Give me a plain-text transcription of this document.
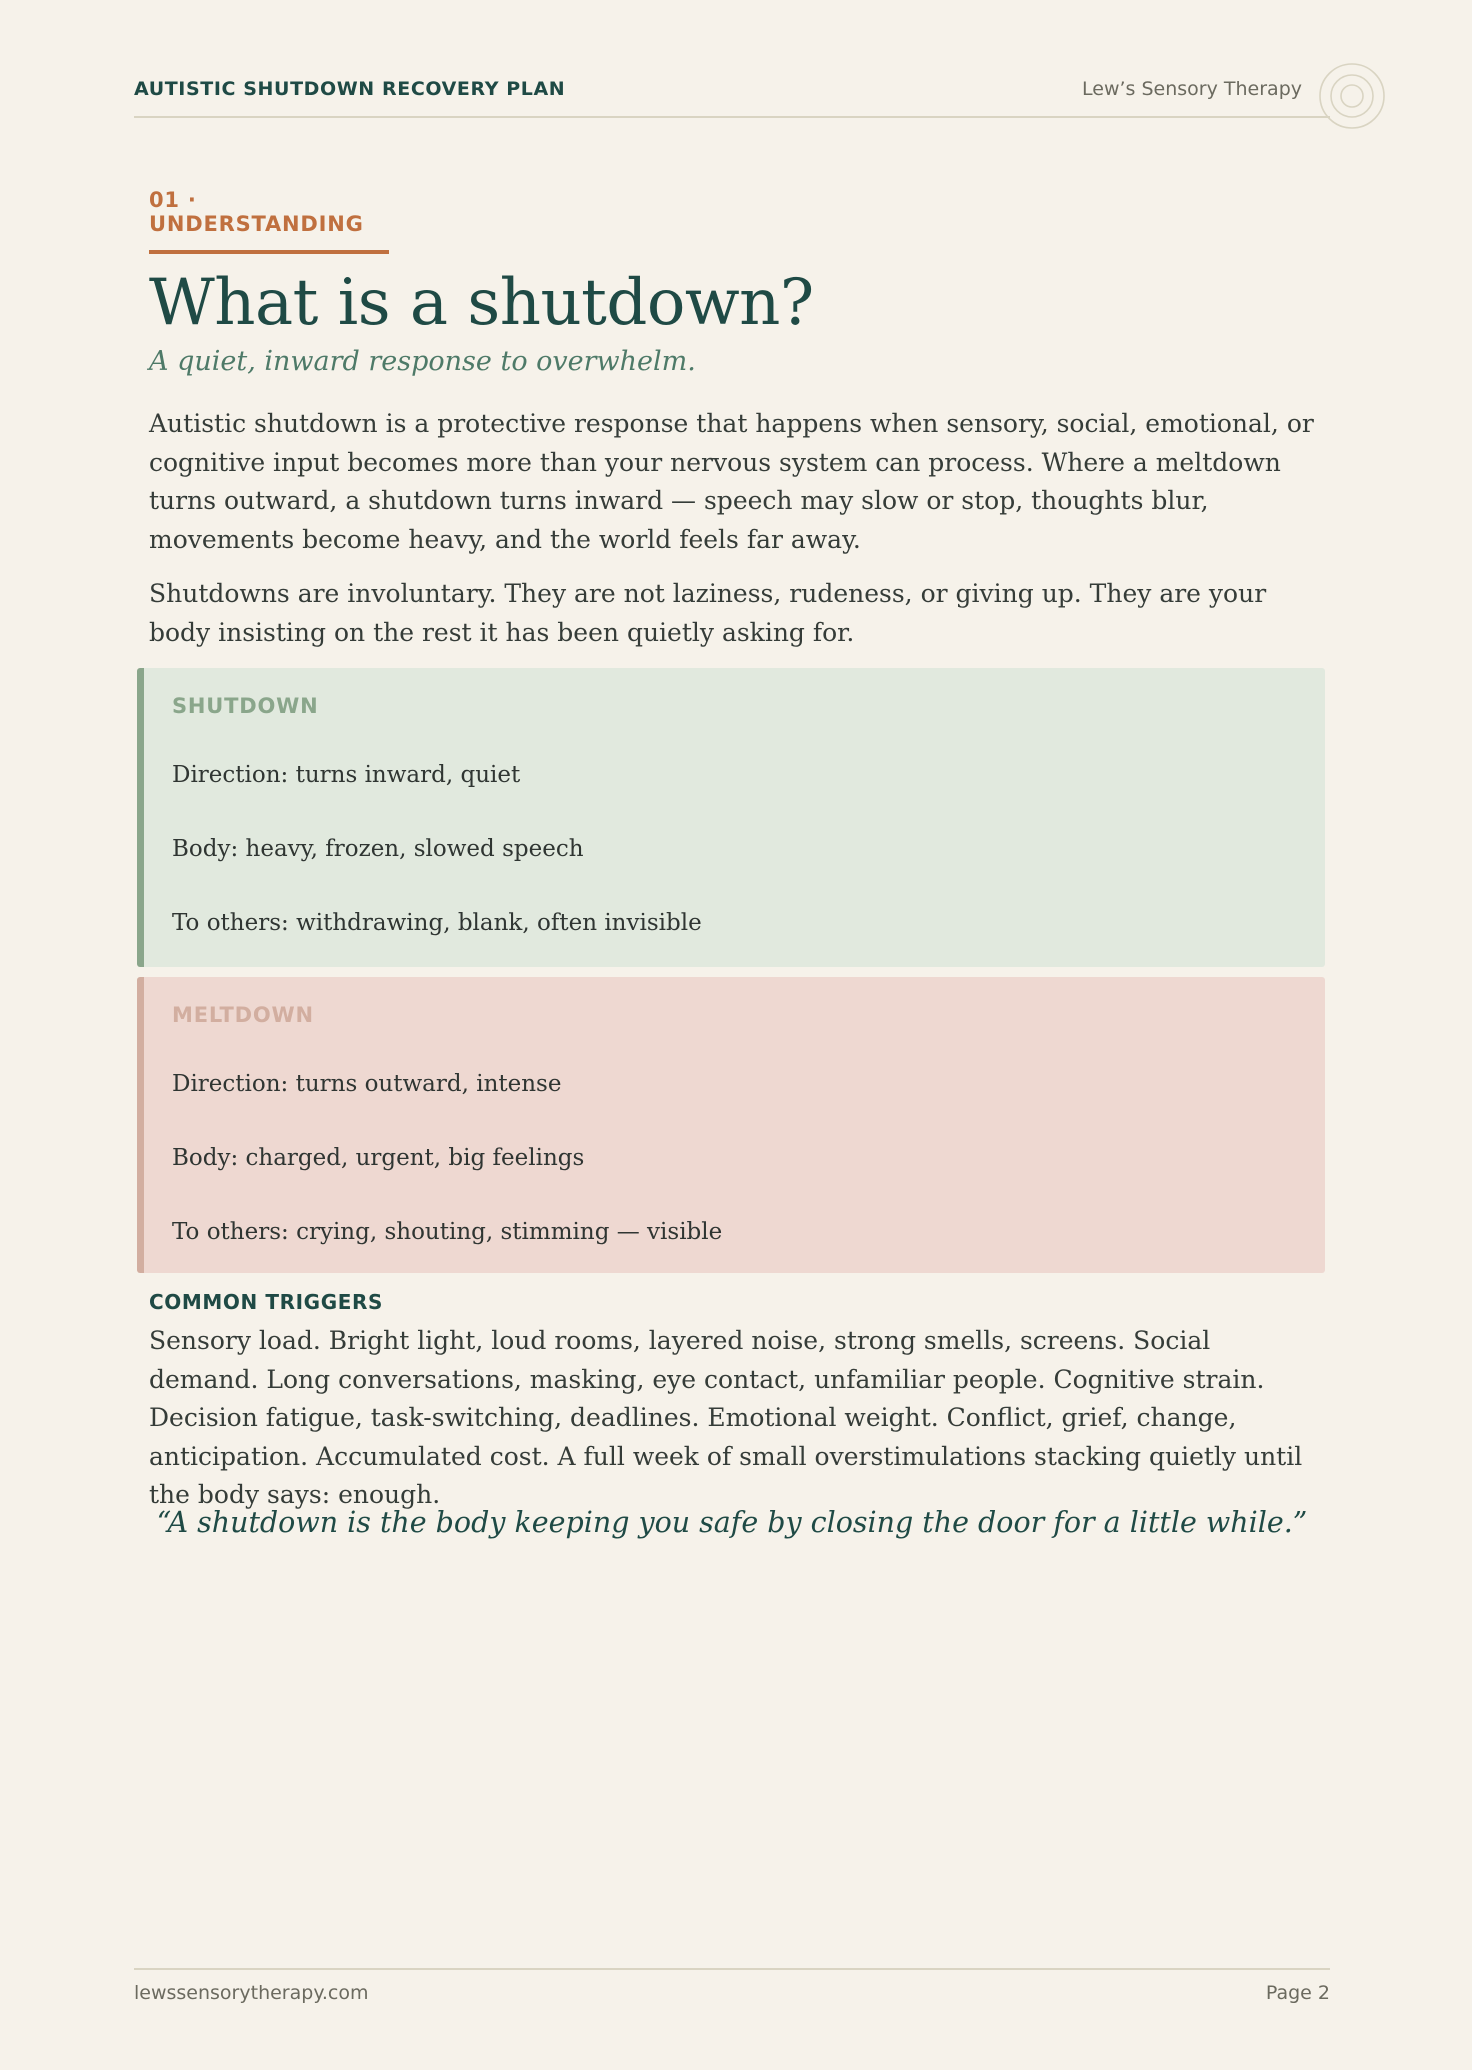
AUTISTIC SHUTDOWN RECOVERY PLAN	Lew’s Sensory Therapy
01 · UNDERSTANDING
What is a shutdown?

A quiet, inward response to overwhelm.

Autistic shutdown is a protective response that happens when sensory, social, emotional, or cognitive input becomes more than your nervous system can process. Where a meltdown turns outward, a shutdown turns inward — speech may slow or stop, thoughts blur, movements become heavy, and the world feels far away.

Shutdowns are involuntary. They are not laziness, rudeness, or giving up. They are your body insisting on the rest it has been quietly asking for.

SHUTDOWN
Direction: turns inward, quiet
Body: heavy, frozen, slowed speech
To others: withdrawing, blank, often invisible
MELTDOWN
Direction: turns outward, intense
Body: charged, urgent, big feelings
To others: crying, shouting, stimming — visible
COMMON TRIGGERS

Sensory load. Bright light, loud rooms, layered noise, strong smells, screens. Social demand. Long conversations, masking, eye contact, unfamiliar people. Cognitive strain. Decision fatigue, task-switching, deadlines. Emotional weight. Conflict, grief, change, anticipation. Accumulated cost. A full week of small overstimulations stacking quietly until the body says: enough.

“A shutdown is the body keeping you safe by closing the door for a little while.”
lewssensorytherapy.com	Page 2
